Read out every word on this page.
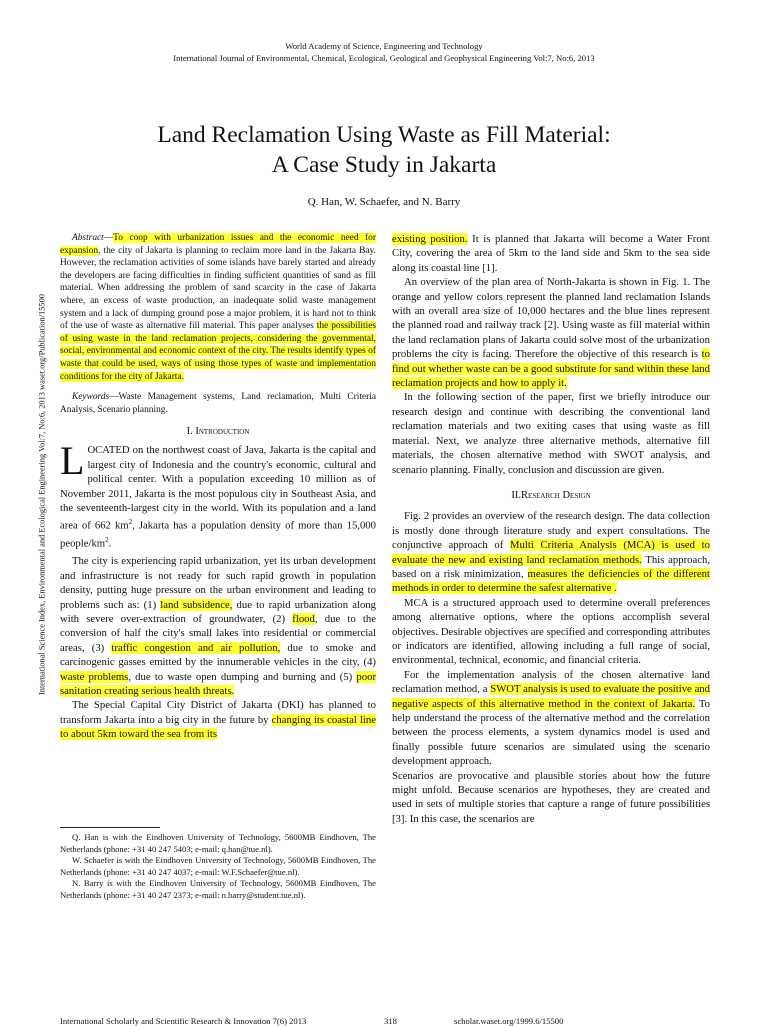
World Academy of Science, Engineering and Technology
International Journal of Environmental, Chemical, Ecological, Geological and Geophysical Engineering Vol:7, No:6, 2013
Land Reclamation Using Waste as Fill Material:
A Case Study in Jakarta
Q. Han, W. Schaefer, and N. Barry
International Science Index, Environmental and Ecological Engineering Vol:7, No:6, 2013 waset.org/Publication/15500

Abstract—To coop with urbanization issues and the economic need for expansion, the city of Jakarta is planning to reclaim more land in the Jakarta Bay. However, the reclamation activities of some islands have barely started and already the developers are facing difficulties in finding sufficient quantities of sand as fill material. When addressing the problem of sand scarcity in the case of Jakarta where, an excess of waste production, an inadequate solid waste management system and a lack of dumping ground pose a major problem, it is hard not to think of the use of waste as alternative fill material. This paper analyses the possibilities of using waste in the land reclamation projects, considering the governmental, social, environmental and economic context of the city. The results identify types of waste that could be used, ways of using those types of waste and implementation conditions for the city of Jakarta.

Keywords—Waste Management systems, Land reclamation, Multi Criteria Analysis, Scenario planning.

I. Introduction

LOCATED on the northwest coast of Java, Jakarta is the capital and largest city of Indonesia and the country's economic, cultural and political center. With a population exceeding 10 million as of November 2011, Jakarta is the most populous city in Southeast Asia, and the seventeenth-largest city in the world. With its population and a land area of 662 $km^2$, Jakarta has a population density of more than 15,000 people/$km^2$.

The city is experiencing rapid urbanization, yet its urban development and infrastructure is not ready for such rapid growth in population density, putting huge pressure on the urban environment and leading to problems such as: (1) land subsidence, due to rapid urbanization along with severe over-extraction of groundwater, (2) flood, due to the conversion of half the city's small lakes into residential or commercial areas, (3) traffic congestion and air pollution, due to smoke and carcinogenic gasses emitted by the innumerable vehicles in the city, (4) waste problems, due to waste open dumping and burning and (5) poor sanitation creating serious health threats.

The Special Capital City District of Jakarta (DKI) has planned to transform Jakarta into a big city in the future by changing its coastal line to about 5km toward the sea from its

Q. Han is with the Eindhoven University of Technology, 5600MB Eindhoven, The Netherlands (phone: +31 40 247 5403; e-mail: q.han@tue.nl).

W. Schaefer is with the Eindhoven University of Technology, 5600MB Eindhoven, The Netherlands (phone: +31 40 247 4037; e-mail: W.F.Schaefer@tue.nl).

N. Barry is with the Eindhoven University of Technology, 5600MB Eindhoven, The Netherlands (phone: +31 40 247 2373; e-mail: n.barry@student.tue.nl).

existing position. It is planned that Jakarta will become a Water Front City, covering the area of 5km to the land side and 5km to the sea side along its coastal line [1].

An overview of the plan area of North-Jakarta is shown in Fig. 1. The orange and yellow colors represent the planned land reclamation Islands with an overall area size of 10,000 hectares and the blue lines represent the planned road and railway track [2]. Using waste as fill material within the land reclamation plans of Jakarta could solve most of the urbanization problems the city is facing. Therefore the objective of this research is to find out whether waste can be a good substitute for sand within these land reclamation projects and how to apply it.

In the following section of the paper, first we briefly introduce our research design and continue with describing the conventional land reclamation materials and two exiting cases that using waste as fill material. Next, we analyze three alternative methods, alternative fill materials, the chosen alternative method with SWOT analysis, and scenario planning. Finally, conclusion and discussion are given.

II.Research Design

Fig. 2 provides an overview of the research design. The data collection is mostly done through literature study and expert consultations. The conjunctive approach of Multi Criteria Analysis (MCA) is used to evaluate the new and existing land reclamation methods. This approach, based on a risk minimization, measures the deficiencies of the different methods in order to determine the safest alternative .

MCA is a structured approach used to determine overall preferences among alternative options, where the options accomplish several objectives. Desirable objectives are specified and corresponding attributes or indicators are identified, allowing including a full range of social, environmental, technical, economic, and financial criteria.

For the implementation analysis of the chosen alternative land reclamation method, a SWOT analysis is used to evaluate the positive and negative aspects of this alternative method in the context of Jakarta. To help understand the process of the alternative method and the correlation between the process elements, a system dynamics model is used and finally possible future scenarios are simulated using the scenario development approach.

Scenarios are provocative and plausible stories about how the future might unfold. Because scenarios are hypotheses, they are created and used in sets of multiple stories that capture a range of future possibilities [3]. In this case, the scenarios are

International Scholarly and Scientific Research & Innovation 7(6) 2013	318	scholar.waset.org/1999.6/15500
